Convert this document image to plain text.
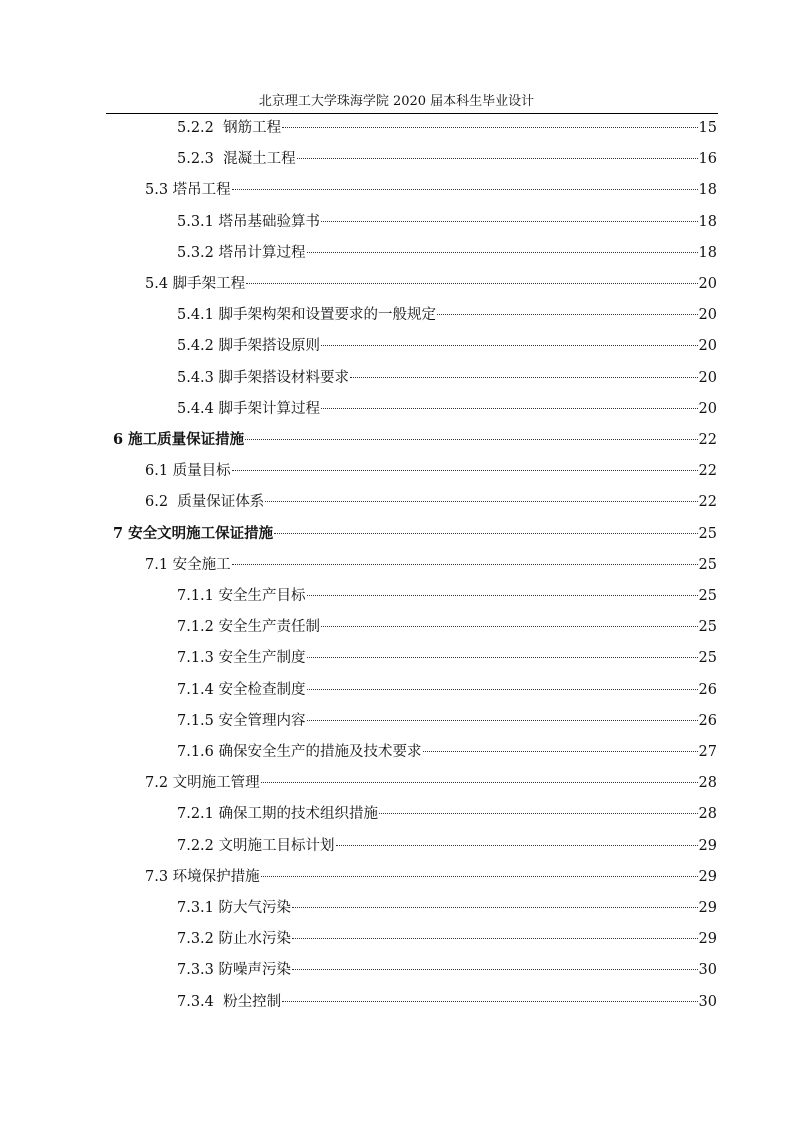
北京理工大学珠海学院 2020 届本科生毕业设计
5.2.2  钢筋工程	15
5.2.3  混凝土工程	16
5.3 塔吊工程	18
5.3.1 塔吊基础验算书	18
5.3.2 塔吊计算过程	18
5.4 脚手架工程	20
5.4.1 脚手架构架和设置要求的一般规定	20
5.4.2 脚手架搭设原则	20
5.4.3 脚手架搭设材料要求	20
5.4.4 脚手架计算过程	20
6 施工质量保证措施	22
6.1 质量目标	22
6.2  质量保证体系	22
7 安全文明施工保证措施	25
7.1 安全施工	25
7.1.1 安全生产目标	25
7.1.2 安全生产责任制	25
7.1.3 安全生产制度	25
7.1.4 安全检查制度	26
7.1.5 安全管理内容	26
7.1.6 确保安全生产的措施及技术要求	27
7.2 文明施工管理	28
7.2.1 确保工期的技术组织措施	28
7.2.2 文明施工目标计划	29
7.3 环境保护措施	29
7.3.1 防大气污染	29
7.3.2 防止水污染	29
7.3.3 防噪声污染	30
7.3.4  粉尘控制	30
